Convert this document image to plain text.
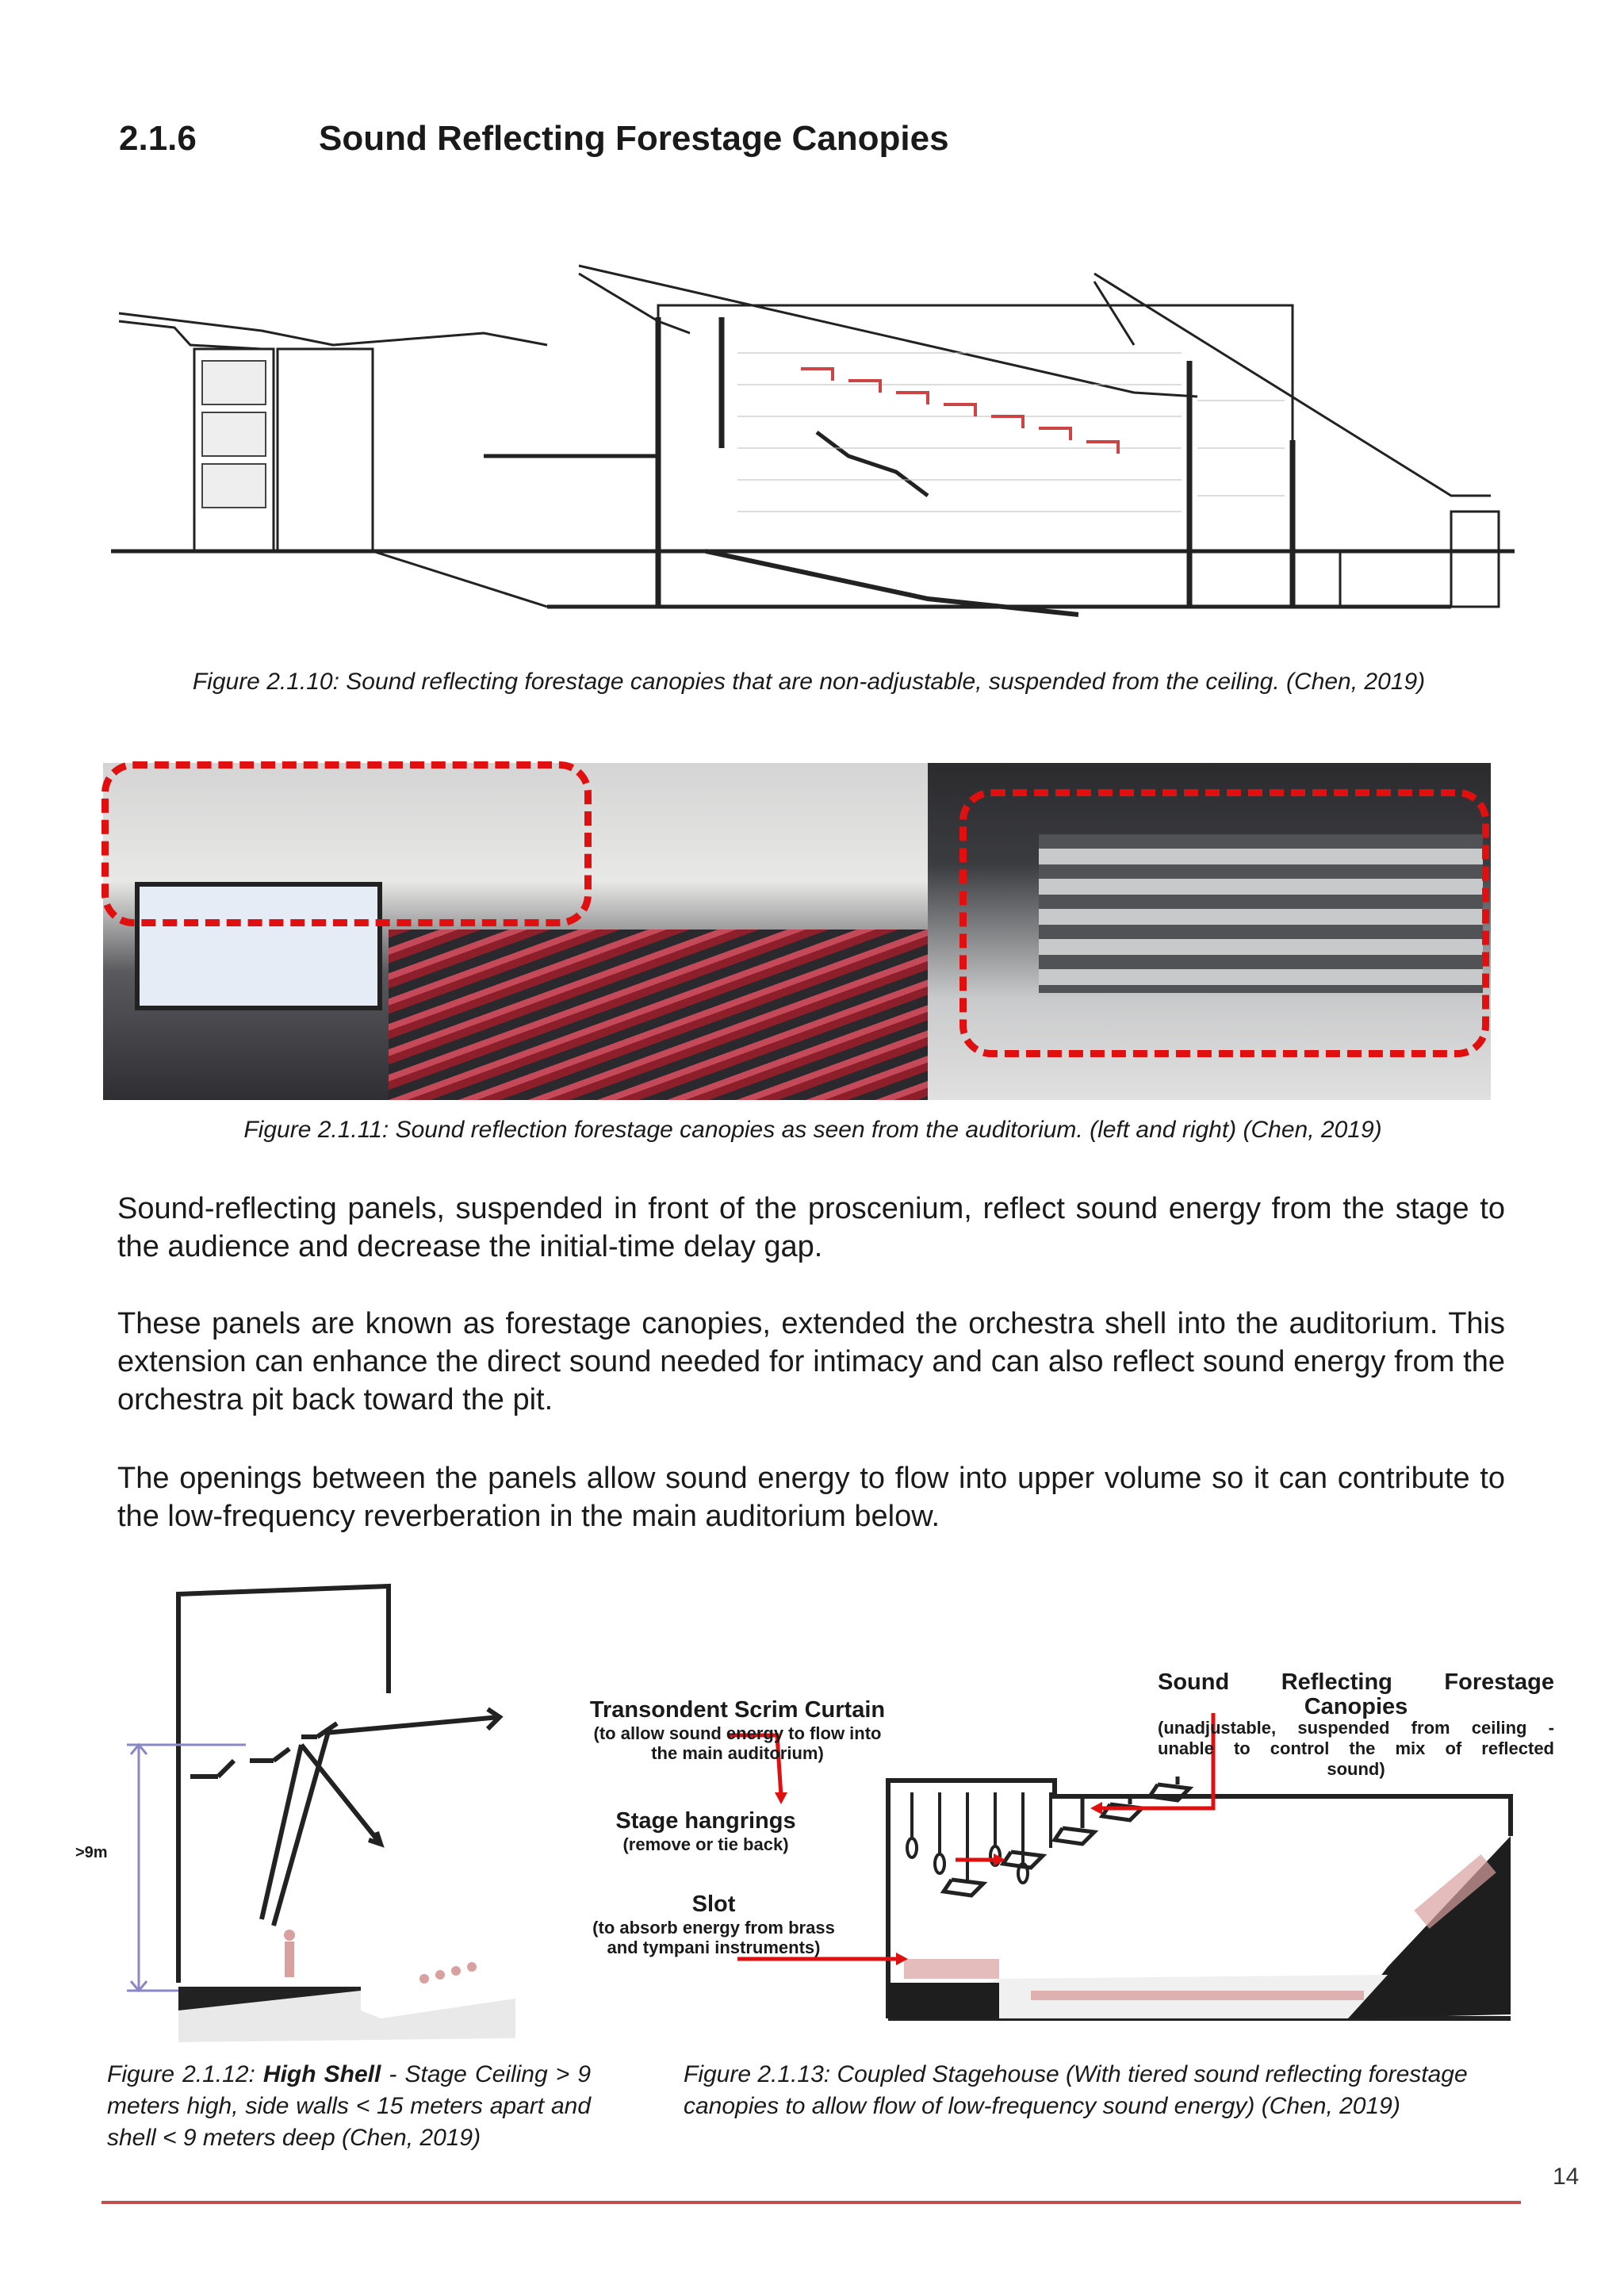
2.1.6	Sound Reflecting Forestage Canopies
Figure 2.1.10: Sound reflecting forestage canopies that are non-adjustable, suspended from the ceiling. (Chen, 2019)
Figure 2.1.11: Sound reflection forestage canopies as seen from the auditorium. (left and right) (Chen, 2019)

Sound-reflecting panels, suspended in front of the proscenium, reflect sound energy from the stage to the audience and decrease the initial-time delay gap.

These panels are known as forestage canopies, extended the orchestra shell into the auditorium. This extension can enhance the direct sound needed for intimacy and can also reflect sound energy from the orchestra pit back toward the pit.

The openings between the panels allow sound energy to flow into upper volume so it can contribute to the low-frequency reverberation in the main auditorium below.

>9m
Figure 2.1.12: High Shell - Stage Ceiling > 9 meters high, side walls < 15 meters apart and shell < 9 meters deep (Chen, 2019)
Transondent Scrim Curtain
(to allow sound energy to flow into
the main auditorium)
Stage hangrings
(remove or tie back)
Slot
(to absorb energy from brass
and tympani instruments)
Sound Reflecting Forestage
Canopies
(unadjustable, suspended from ceiling -
unable to control the mix of reflected
sound)
Figure 2.1.13: Coupled Stagehouse (With tiered sound reflecting forestage canopies to allow flow of low-frequency sound energy) (Chen, 2019)
14
